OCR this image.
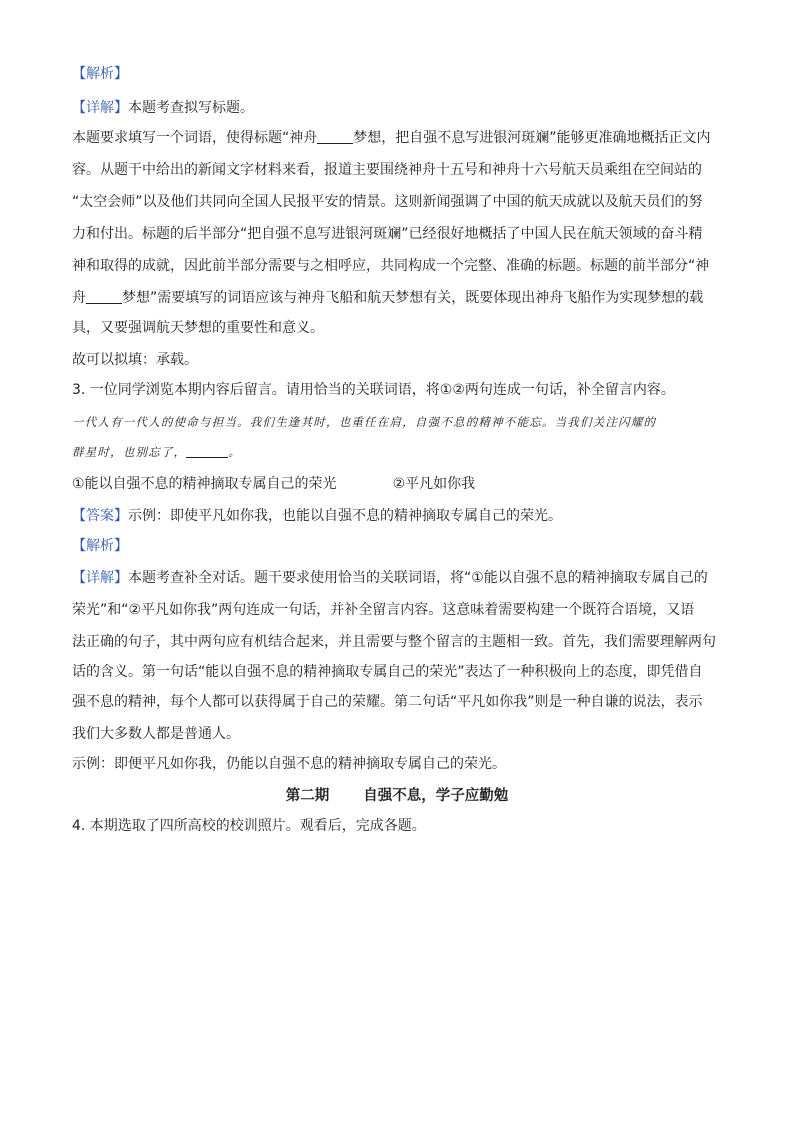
【解析】
【详解】本题考查拟写标题。
本题要求填写一个词语，使得标题“神舟	梦想，把自强不息写进银河斑斓”能够更准确地概括正文内
容。从题干中给出的新闻文字材料来看，报道主要围绕神舟十五号和神舟十六号航天员乘组在空间站的
“太空会师”以及他们共同向全国人民报平安的情景。这则新闻强调了中国的航天成就以及航天员们的努
力和付出。标题的后半部分“把自强不息写进银河斑斓”已经很好地概括了中国人民在航天领域的奋斗精
神和取得的成就，因此前半部分需要与之相呼应，共同构成一个完整、准确的标题。标题的前半部分“神
舟	梦想”需要填写的词语应该与神舟飞船和航天梦想有关，既要体现出神舟飞船作为实现梦想的载
具，又要强调航天梦想的重要性和意义。
故可以拟填：承载。
3. 一位同学浏览本期内容后留言。请用恰当的关联词语，将①②两句连成一句话，补全留言内容。
一代人有一代人的使命与担当。我们生逢其时，也重任在肩，自强不息的精神不能忘。当我们关注闪耀的
群星时，也别忘了，	。
①能以自强不息的精神摘取专属自己的荣光	②平凡如你我
【答案】示例：即使平凡如你我，也能以自强不息的精神摘取专属自己的荣光。
【解析】
【详解】本题考查补全对话。题干要求使用恰当的关联词语，将“①能以自强不息的精神摘取专属自己的
荣光”和“②平凡如你我”两句连成一句话，并补全留言内容。这意味着需要构建一个既符合语境，又语
法正确的句子，其中两句应有机结合起来，并且需要与整个留言的主题相一致。首先，我们需要理解两句
话的含义。第一句话“能以自强不息的精神摘取专属自己的荣光”表达了一种积极向上的态度，即凭借自
强不息的精神，每个人都可以获得属于自己的荣耀。第二句话“平凡如你我”则是一种自谦的说法，表示
我们大多数人都是普通人。
示例：即便平凡如你我，仍能以自强不息的精神摘取专属自己的荣光。
第二期 自强不息，学子应勤勉
4. 本期选取了四所高校的校训照片。观看后，完成各题。
